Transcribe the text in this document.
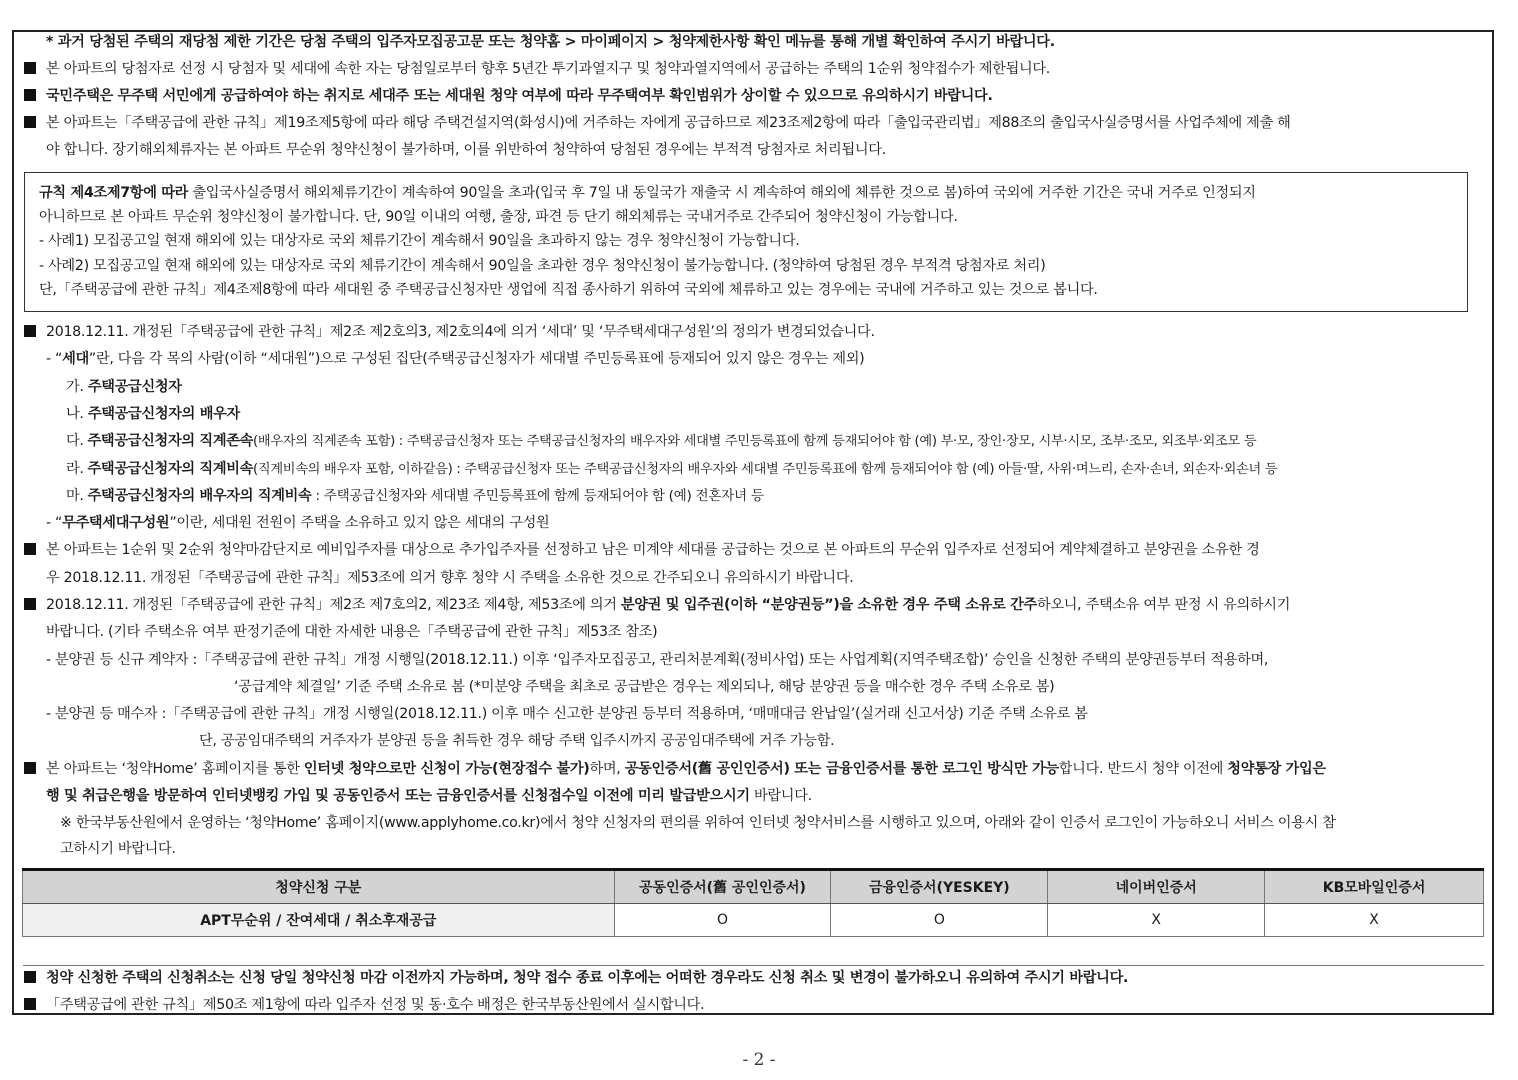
* 과거 당첨된 주택의 재당첨 제한 기간은 당첨 주택의 입주자모집공고문 또는 청약홈 > 마이페이지 > 청약제한사항 확인 메뉴를 통해 개별 확인하여 주시기 바랍니다.
본 아파트의 당첨자로 선정 시 당첨자 및 세대에 속한 자는 당첨일로부터 향후 5년간 투기과열지구 및 청약과열지역에서 공급하는 주택의 1순위 청약접수가 제한됩니다.
국민주택은 무주택 서민에게 공급하여야 하는 취지로 세대주 또는 세대원 청약 여부에 따라 무주택여부 확인범위가 상이할 수 있으므로 유의하시기 바랍니다.
본 아파트는「주택공급에 관한 규칙」제19조제5항에 따라 해당 주택건설지역(화성시)에 거주하는 자에게 공급하므로 제23조제2항에 따라「출입국관리법」제88조의 출입국사실증명서를 사업주체에 제출 해
야 합니다. 장기해외체류자는 본 아파트 무순위 청약신청이 불가하며, 이를 위반하여 청약하여 당첨된 경우에는 부적격 당첨자로 처리됩니다.
규칙 제4조제7항에 따라 출입국사실증명서 해외체류기간이 계속하여 90일을 초과(입국 후 7일 내 동일국가 재출국 시 계속하여 해외에 체류한 것으로 봄)하여 국외에 거주한 기간은 국내 거주로 인정되지
아니하므로 본 아파트 무순위 청약신청이 불가합니다. 단, 90일 이내의 여행, 출장, 파견 등 단기 해외체류는 국내거주로 간주되어 청약신청이 가능합니다.
- 사례1) 모집공고일 현재 해외에 있는 대상자로 국외 체류기간이 계속해서 90일을 초과하지 않는 경우 청약신청이 가능합니다.
- 사례2) 모집공고일 현재 해외에 있는 대상자로 국외 체류기간이 계속해서 90일을 초과한 경우 청약신청이 불가능합니다. (청약하여 당첨된 경우 부적격 당첨자로 처리)
단,「주택공급에 관한 규칙」제4조제8항에 따라 세대원 중 주택공급신청자만 생업에 직접 종사하기 위하여 국외에 체류하고 있는 경우에는 국내에 거주하고 있는 것으로 봅니다.
2018.12.11. 개정된「주택공급에 관한 규칙」제2조 제2호의3, 제2호의4에 의거 ‘세대’ 및 ‘무주택세대구성원’의 정의가 변경되었습니다.
- “세대”란, 다음 각 목의 사람(이하 “세대원”)으로 구성된 집단(주택공급신청자가 세대별 주민등록표에 등재되어 있지 않은 경우는 제외)
가. 주택공급신청자
나. 주택공급신청자의 배우자
다. 주택공급신청자의 직계존속(배우자의 직계존속 포함) : 주택공급신청자 또는 주택공급신청자의 배우자와 세대별 주민등록표에 함께 등재되어야 함 (예) 부·모, 장인·장모, 시부·시모, 조부·조모, 외조부·외조모 등
라. 주택공급신청자의 직계비속(직계비속의 배우자 포함, 이하같음) : 주택공급신청자 또는 주택공급신청자의 배우자와 세대별 주민등록표에 함께 등재되어야 함 (예) 아들·딸, 사위·며느리, 손자·손녀, 외손자·외손녀 등
마. 주택공급신청자의 배우자의 직계비속 : 주택공급신청자와 세대별 주민등록표에 함께 등재되어야 함 (예) 전혼자녀 등
- “무주택세대구성원”이란, 세대원 전원이 주택을 소유하고 있지 않은 세대의 구성원
본 아파트는 1순위 및 2순위 청약마감단지로 예비입주자를 대상으로 추가입주자를 선정하고 남은 미계약 세대를 공급하는 것으로 본 아파트의 무순위 입주자로 선정되어 계약체결하고 분양권을 소유한 경
우 2018.12.11. 개정된「주택공급에 관한 규칙」제53조에 의거 향후 청약 시 주택을 소유한 것으로 간주되오니 유의하시기 바랍니다.
2018.12.11. 개정된「주택공급에 관한 규칙」제2조 제7호의2, 제23조 제4항, 제53조에 의거 분양권 및 입주권(이하 “분양권등”)을 소유한 경우 주택 소유로 간주하오니, 주택소유 여부 판정 시 유의하시기
바랍니다. (기타 주택소유 여부 판정기준에 대한 자세한 내용은「주택공급에 관한 규칙」제53조 참조)
- 분양권 등 신규 계약자 :「주택공급에 관한 규칙」개정 시행일(2018.12.11.) 이후 ‘입주자모집공고, 관리처분계획(정비사업) 또는 사업계획(지역주택조합)’ 승인을 신청한 주택의 분양권등부터 적용하며,
‘공급계약 체결일’ 기준 주택 소유로 봄 (*미분양 주택을 최초로 공급받은 경우는 제외되나, 해당 분양권 등을 매수한 경우 주택 소유로 봄)
- 분양권 등 매수자 :「주택공급에 관한 규칙」개정 시행일(2018.12.11.) 이후 매수 신고한 분양권 등부터 적용하며, ‘매매대금 완납일’(실거래 신고서상) 기준 주택 소유로 봄
단, 공공임대주택의 거주자가 분양권 등을 취득한 경우 해당 주택 입주시까지 공공임대주택에 거주 가능함.
본 아파트는 ‘청약Home’ 홈페이지를 통한 인터넷 청약으로만 신청이 가능(현장접수 불가)하며, 공동인증서(舊 공인인증서) 또는 금융인증서를 통한 로그인 방식만 가능합니다. 반드시 청약 이전에 청약통장 가입은
행 및 취급은행을 방문하여 인터넷뱅킹 가입 및 공동인증서 또는 금융인증서를 신청접수일 이전에 미리 발급받으시기 바랍니다.
※ 한국부동산원에서 운영하는 ‘청약Home’ 홈페이지(www.applyhome.co.kr)에서 청약 신청자의 편의를 위하여 인터넷 청약서비스를 시행하고 있으며, 아래와 같이 인증서 로그인이 가능하오니 서비스 이용시 참
고하시기 바랍니다.
청약신청 구분	공동인증서(舊 공인인증서)	금융인증서(YESKEY)	네이버인증서	KB모바일인증서
APT무순위 / 잔여세대 / 취소후재공급	O	O	X	X

청약 신청한 주택의 신청취소는 신청 당일 청약신청 마감 이전까지 가능하며, 청약 접수 종료 이후에는 어떠한 경우라도 신청 취소 및 변경이 불가하오니 유의하여 주시기 바랍니다.
「주택공급에 관한 규칙」제50조 제1항에 따라 입주자 선정 및 동·호수 배정은 한국부동산원에서 실시합니다.
- 2 -
